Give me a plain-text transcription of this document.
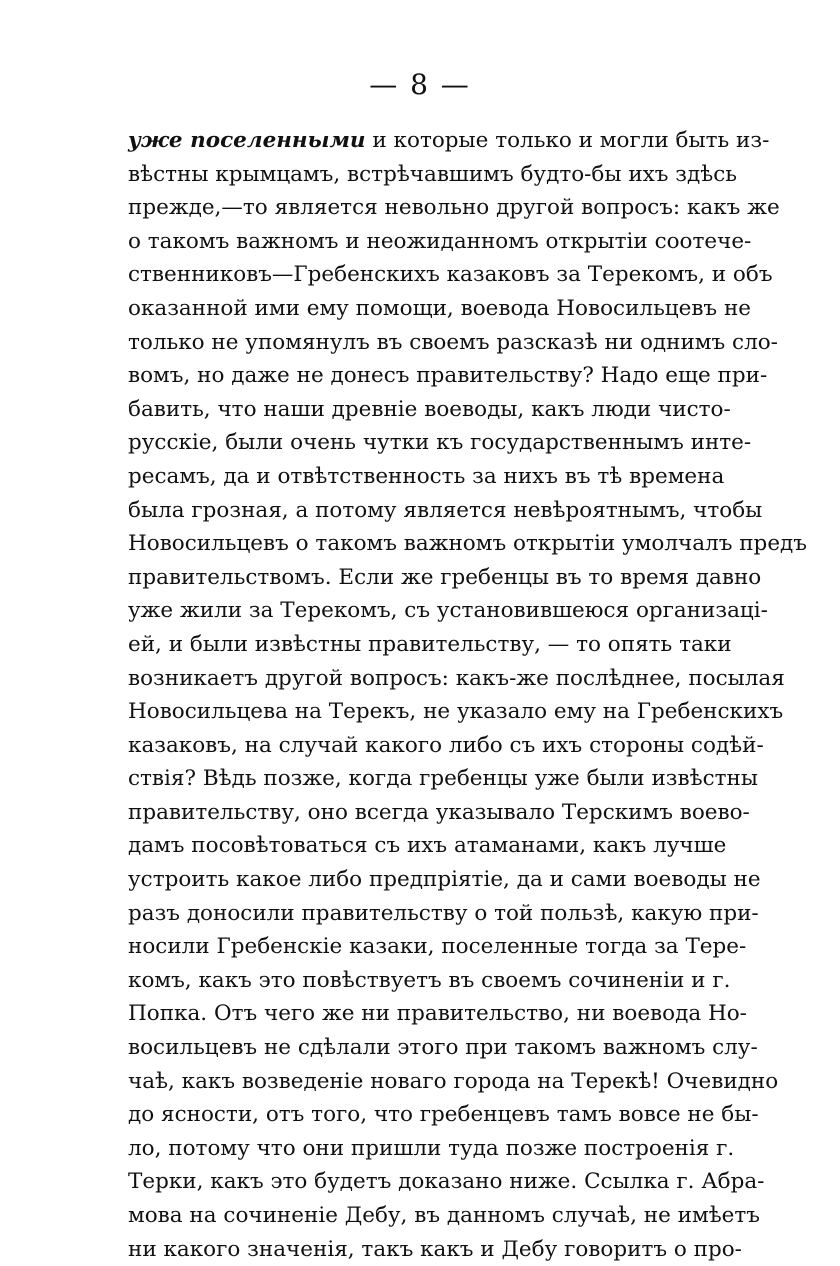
— 8 —
уже поселенными и которые только и могли быть из-
вѣстны крымцамъ, встрѣчавшимъ будто-бы ихъ здѣсь
прежде,—то является невольно другой вопросъ: какъ же
о такомъ важномъ и неожиданномъ открытіи соотече-
ственниковъ—Гребенскихъ казаковъ за Терекомъ, и объ
оказанной ими ему помощи, воевода Новосильцевъ не
только не упомянулъ въ своемъ разсказѣ ни однимъ сло-
вомъ, но даже не донесъ правительству? Надо еще при-
бавить, что наши древніе воеводы, какъ люди чисто-
русскіе, были очень чутки къ государственнымъ инте-
ресамъ, да и отвѣтственность за нихъ въ тѣ времена
была грозная, а потому является невѣроятнымъ, чтобы
Новосильцевъ о такомъ важномъ открытіи умолчалъ предъ
правительствомъ. Если же гребенцы въ то время давно
уже жили за Терекомъ, съ установившеюся организаці-
ей, и были извѣстны правительству, — то опять таки
возникаетъ другой вопросъ: какъ-же послѣднее, посылая
Новосильцева на Терекъ, не указало ему на Гребенскихъ
казаковъ, на случай какого либо съ ихъ стороны содѣй-
ствія? Вѣдь позже, когда гребенцы уже были извѣстны
правительству, оно всегда указывало Терскимъ воево-
дамъ посовѣтоваться съ ихъ атаманами, какъ лучше
устроить какое либо предпріятіе, да и сами воеводы не
разъ доносили правительству о той пользѣ, какую при-
носили Гребенскіе казаки, поселенные тогда за Тере-
комъ, какъ это повѣствуетъ въ своемъ сочиненіи и г.
Попка. Отъ чего же ни правительство, ни воевода Но-
восильцевъ не сдѣлали этого при такомъ важномъ слу-
чаѣ, какъ возведеніе новаго города на Терекѣ! Очевидно
до ясности, отъ того, что гребенцевъ тамъ вовсе не бы-
ло, потому что они пришли туда позже построенія г.
Терки, какъ это будетъ доказано ниже. Ссылка г. Абра-
мова на сочиненіе Дебу, въ данномъ случаѣ, не имѣетъ
ни какого значенія, такъ какъ и Дебу говоритъ о про-
